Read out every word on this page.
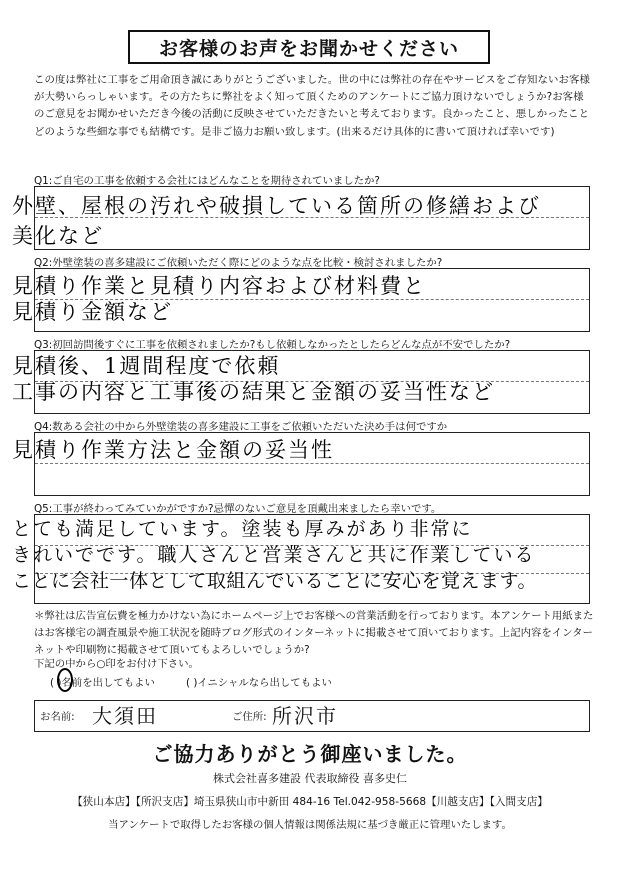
お客様のお声をお聞かせください
この度は弊社に工事をご用命頂き誠にありがとうございました。世の中には弊社の存在やサービスをご存知ないお客様が大勢いらっしゃいます。その方たちに弊社をよく知って頂くためのアンケートにご協力頂けないでしょうか?お客様のご意見をお聞かせいただき今後の活動に反映させていただきたいと考えております。良かったこと、悪しかったことどのような些細な事でも結構です。是非ご協力お願い致します。(出来るだけ具体的に書いて頂ければ幸いです)
Q1:ご自宅の工事を依頼する会社にはどんなことを期待されていましたか?
外壁、屋根の汚れや破損している箇所の修繕および
美化など
Q2:外壁塗装の喜多建設にご依頼いただく際にどのような点を比較・検討されましたか?
見積り作業と見積り内容および材料費と
見積り金額など
Q3:初回訪問後すぐに工事を依頼されましたか?もし依頼しなかったとしたらどんな点が不安でしたか?
見積後、1週間程度で依頼
工事の内容と工事後の結果と金額の妥当性など
Q4:数ある会社の中から外壁塗装の喜多建設に工事をご依頼いただいた決め手は何ですか
見積り作業方法と金額の妥当性
Q5:工事が終わってみていかがですか?忌憚のないご意見を頂戴出来ましたら幸いです。
とても満足しています。塗装も厚みがあり非常に
きれいでです。職人さんと営業さんと共に作業している
ことに会社一体として取組んでいることに安心を覚えます。
＊弊社は広告宣伝費を極力かけない為にホームページ上でお客様への営業活動を行っております。本アンケート用紙またはお客様宅の調査風景や施工状況を随時ブログ形式のインターネットに掲載させて頂いております。上記内容をインターネットや印刷物に掲載させて頂いてもよろしいでしょうか?
下記の中から○印をお付け下さい。
( )名前を出してもよい	( )イニシャルなら出してもよい
お名前: 大須田	ご住所: 所沢市
ご協力ありがとう御座いました。
株式会社喜多建設 代表取締役 喜多史仁
【狭山本店】【所沢支店】埼玉県狭山市中新田 484-16 Tel.042-958-5668【川越支店】【入間支店】
当アンケートで取得したお客様の個人情報は関係法規に基づき厳正に管理いたします。
